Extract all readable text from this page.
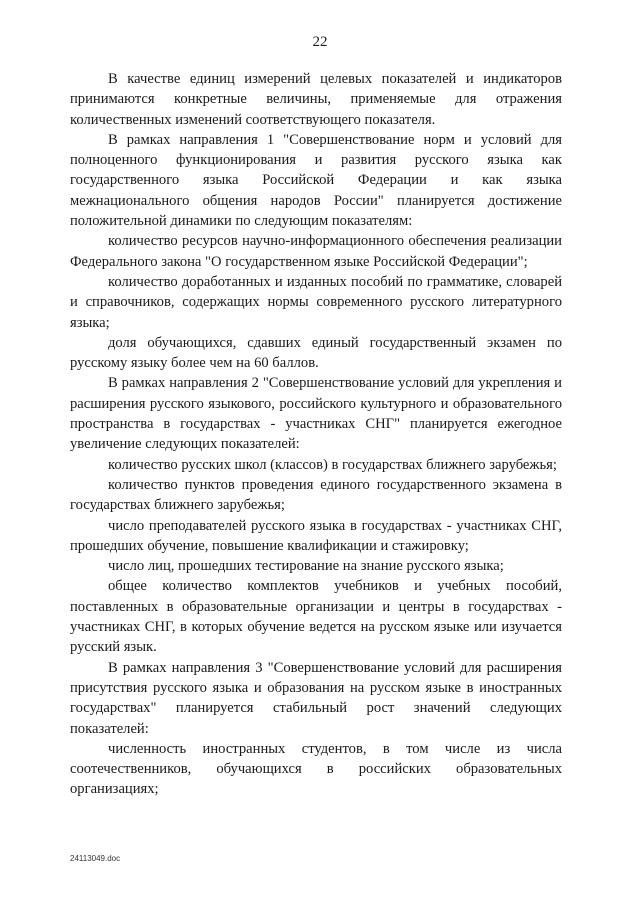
22

В качестве единиц измерений целевых показателей и индикаторов принимаются конкретные величины, применяемые для отражения количественных изменений соответствующего показателя.

В рамках направления 1 "Совершенствование норм и условий для полноценного функционирования и развития русского языка как государственного языка Российской Федерации и как языка межнационального общения народов России" планируется достижение положительной динамики по следующим показателям:

количество ресурсов научно-информационного обеспечения реализации Федерального закона "О государственном языке Российской Федерации";

количество доработанных и изданных пособий по грамматике, словарей и справочников, содержащих нормы современного русского литературного языка;

доля обучающихся, сдавших единый государственный экзамен по русскому языку более чем на 60 баллов.

В рамках направления 2 "Совершенствование условий для укрепления и расширения русского языкового, российского культурного и образовательного пространства в государствах - участниках СНГ" планируется ежегодное увеличение следующих показателей:

количество русских школ (классов) в государствах ближнего зарубежья;

количество пунктов проведения единого государственного экзамена в государствах ближнего зарубежья;

число преподавателей русского языка в государствах - участниках СНГ, прошедших обучение, повышение квалификации и стажировку;

число лиц, прошедших тестирование на знание русского языка;

общее количество комплектов учебников и учебных пособий, поставленных в образовательные организации и центры в государствах - участниках СНГ, в которых обучение ведется на русском языке или изучается русский язык.

В рамках направления 3 "Совершенствование условий для расширения присутствия русского языка и образования на русском языке в иностранных государствах" планируется стабильный рост значений следующих показателей:

численность иностранных студентов, в том числе из числа соотечественников, обучающихся в российских образовательных организациях;

24113049.doc
